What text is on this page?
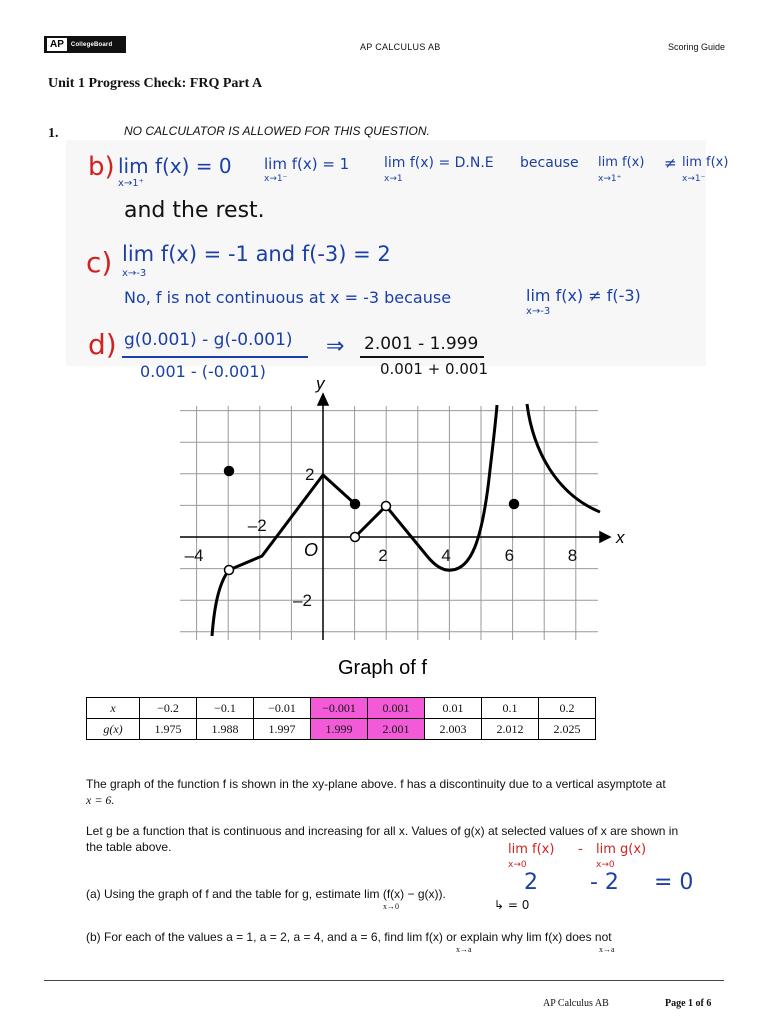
AP	CollegeBoard	AP CALCULUS AB	Scoring Guide
Unit 1 Progress Check: FRQ Part A
1.	NO CALCULATOR IS ALLOWED FOR THIS QUESTION.
b) lim f(x) = 0
x→1⁺
lim f(x) = 1
x→1⁻
lim f(x) = D.N.E
x→1
because lim f(x)
x→1⁺
≠ lim f(x)
x→1⁻
and the rest.
c) lim f(x) = -1 and f(-3) = 2
x→-3
No, f is not continuous at x = -3 because	lim f(x) ≠ f(-3)
x→-3
d) g(0.001) - g(-0.001)
0.001 - (-0.001)
⇒ 2.001 - 1.999
0.001 + 0.001
–4
–2
2	4	6	8
2
–2
x
y
O
Graph of f
x	−0.2	−0.1	−0.01	−0.001	0.001	0.01	0.1	0.2
g(x)	1.975	1.988	1.997	1.999	2.001	2.003	2.012	2.025
The graph of the function f is shown in the xy-plane above. f has a discontinuity due to a vertical asymptote at
x = 6.
Let g be a function that is continuous and increasing for all x. Values of g(x) at selected values of x are shown in
the table above.
(a) Using the graph of f and the table for g, estimate lim (f(x) − g(x)).
x→0
(b) For each of the values a = 1, a = 2, a = 4, and a = 6, find lim f(x) or explain why lim f(x) does not
x→a	x→a
lim f(x)
x→0
- lim g(x)
x→0
2 - 2 = 0
↳ = 0
AP Calculus AB	Page 1 of 6
